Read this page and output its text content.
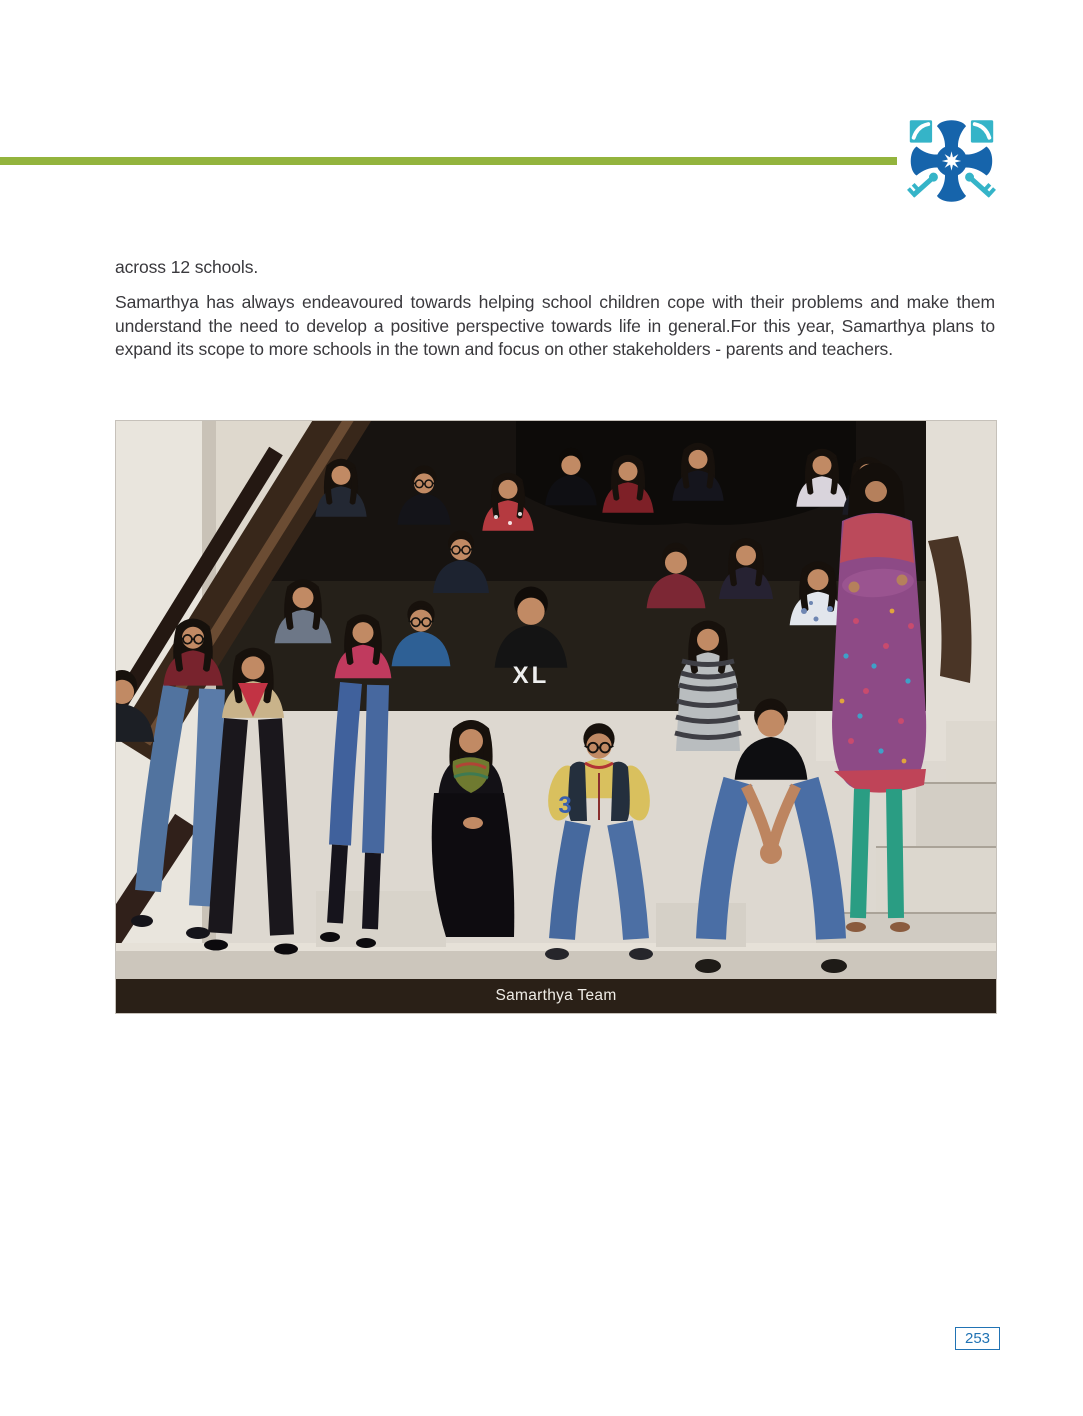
across 12 schools.

Samarthya has always endeavoured towards helping school children cope with their problems and make them understand the need to develop a positive perspective towards life in general.For this year, Samarthya plans to expand its scope to more schools in the town and focus on other stakeholders - parents and teachers.

XL
3
Samarthya Team
253
